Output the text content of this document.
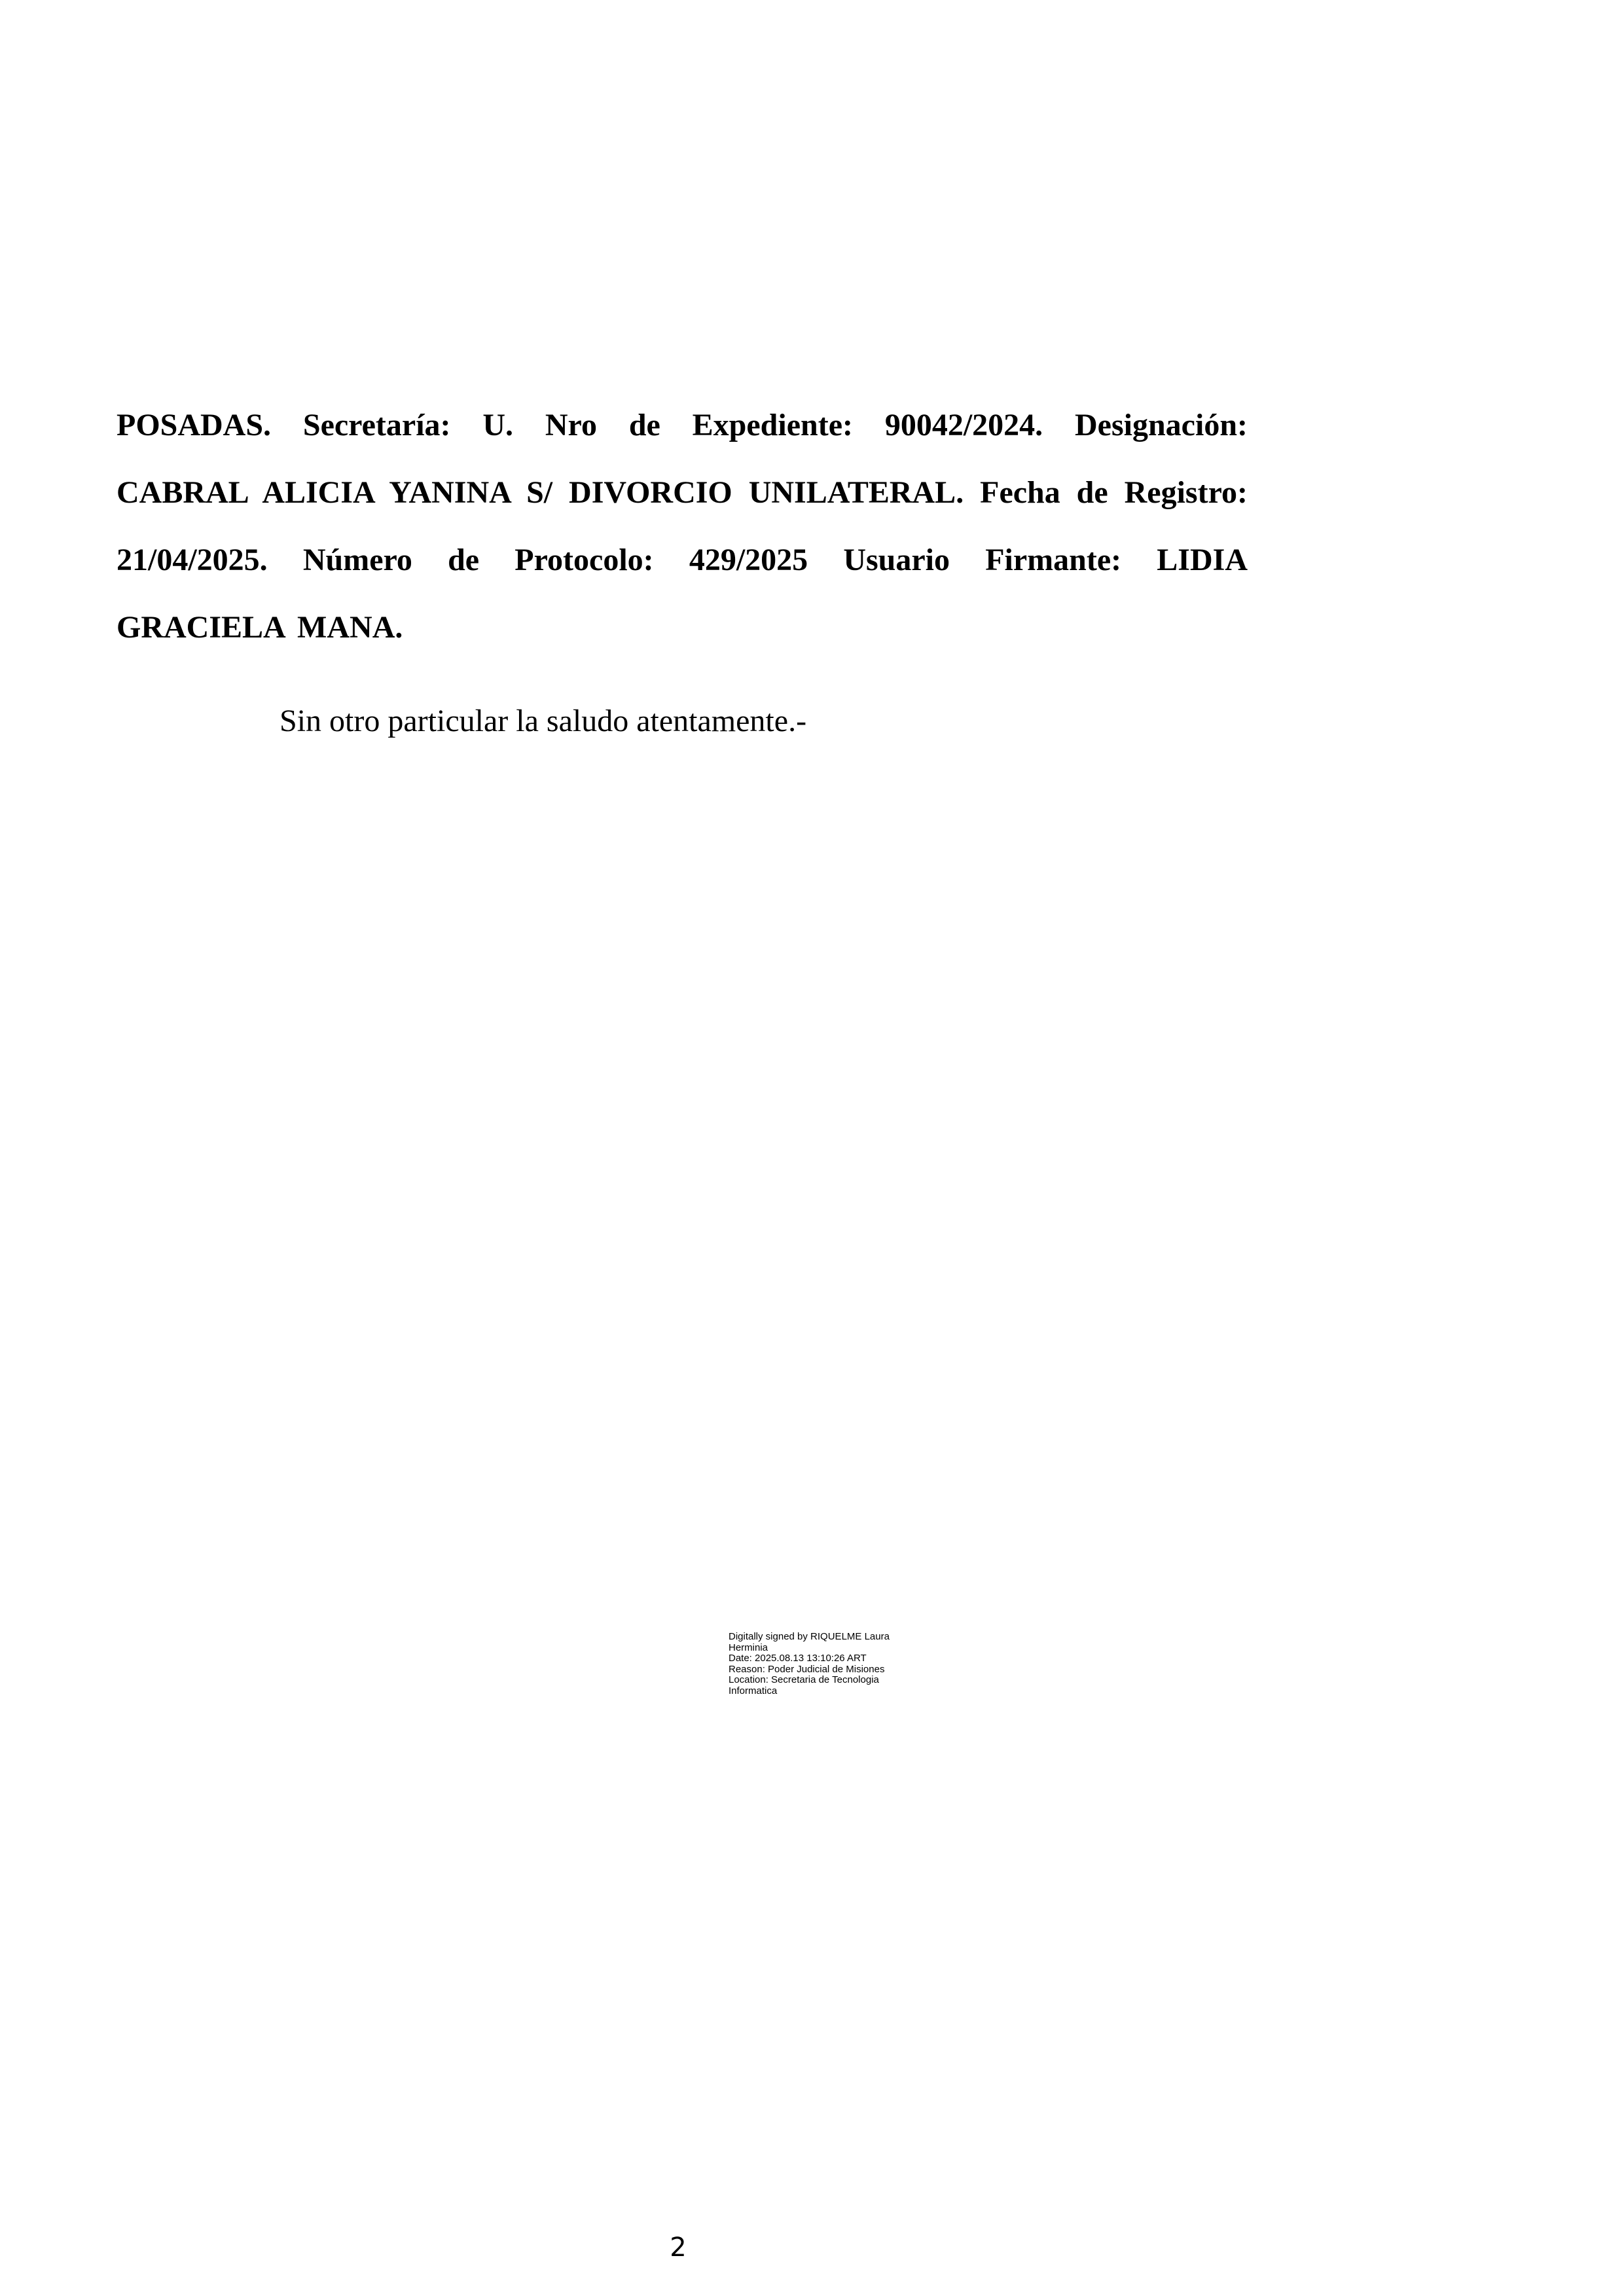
POSADAS. Secretaría: U. Nro de Expediente: 90042/2024. Designación:
CABRAL ALICIA YANINA S/ DIVORCIO UNILATERAL. Fecha de Registro:
21/04/2025. Número de Protocolo: 429/2025 Usuario Firmante: LIDIA
GRACIELA MANA.

Sin otro particular la saludo atentamente.-

Digitally signed by RIQUELME Laura
Herminia
Date: 2025.08.13 13:10:26 ART
Reason: Poder Judicial de Misiones
Location: Secretaria de Tecnologia
Informatica
2
